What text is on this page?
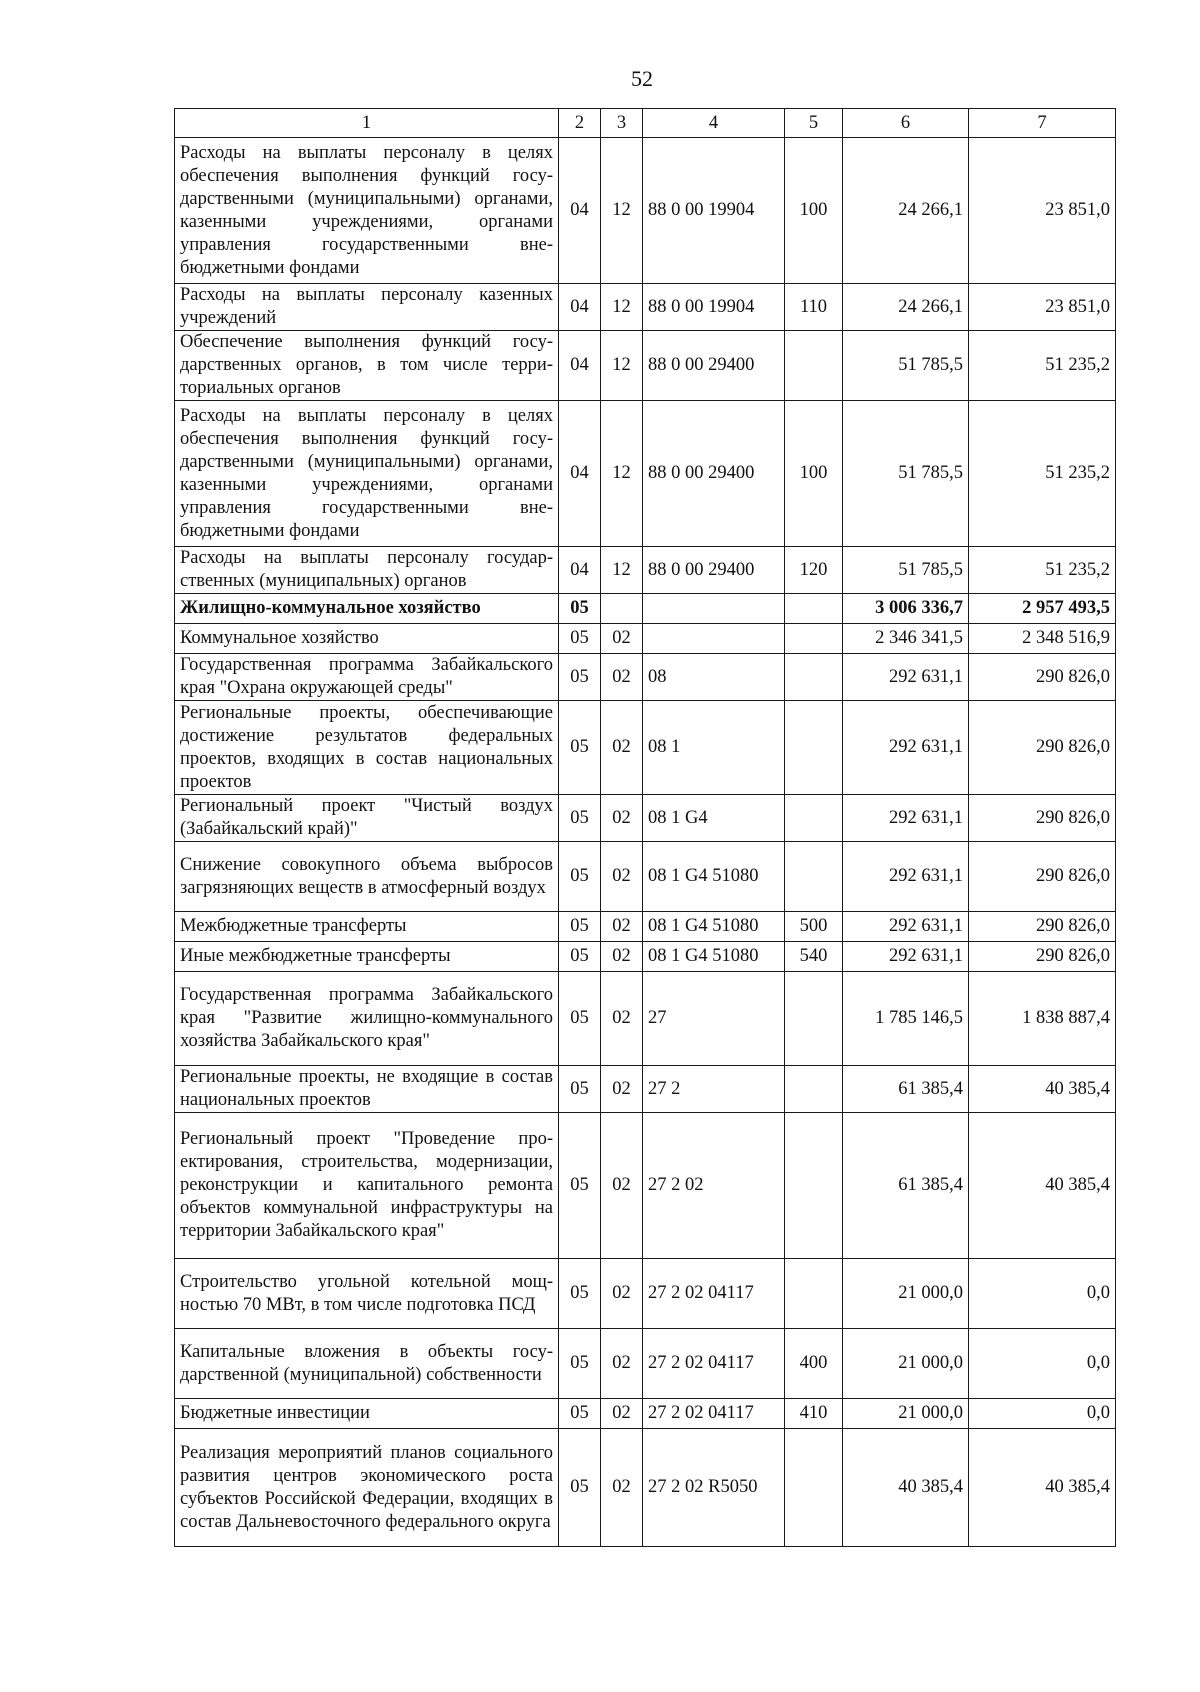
52
1	2	3	4	5	6	7
Расходы на выплаты персоналу в целях обеспечения выполнения функций государственными (муниципальными) органами, казенными учреждениями, органами управления государственными внебюджетными фондами	04	12	88 0 00 19904	100	24 266,1	23 851,0
Расходы на выплаты персоналу казенных учреждений	04	12	88 0 00 19904	110	24 266,1	23 851,0
Обеспечение выполнения функций государственных органов, в том числе территориальных органов	04	12	88 0 00 29400		51 785,5	51 235,2
Расходы на выплаты персоналу в целях обеспечения выполнения функций государственными (муниципальными) органами, казенными учреждениями, органами управления государственными внебюджетными фондами	04	12	88 0 00 29400	100	51 785,5	51 235,2
Расходы на выплаты персоналу государственных (муниципальных) органов	04	12	88 0 00 29400	120	51 785,5	51 235,2
Жилищно-коммунальное хозяйство	05				3 006 336,7	2 957 493,5
Коммунальное хозяйство	05	02			2 346 341,5	2 348 516,9
Государственная программа Забайкальского края "Охрана окружающей среды"	05	02	08		292 631,1	290 826,0
Региональные проекты, обеспечивающие достижение результатов федеральных проектов, входящих в состав национальных проектов	05	02	08 1		292 631,1	290 826,0
Региональный проект "Чистый воздух (Забайкальский край)"	05	02	08 1 G4		292 631,1	290 826,0
Снижение совокупного объема выбросов загрязняющих веществ в атмосферный воздух	05	02	08 1 G4 51080		292 631,1	290 826,0
Межбюджетные трансферты	05	02	08 1 G4 51080	500	292 631,1	290 826,0
Иные межбюджетные трансферты	05	02	08 1 G4 51080	540	292 631,1	290 826,0
Государственная программа Забайкальского края "Развитие жилищно-коммунального хозяйства Забайкальского края"	05	02	27		1 785 146,5	1 838 887,4
Региональные проекты, не входящие в состав национальных проектов	05	02	27 2		61 385,4	40 385,4
Региональный проект "Проведение проектирования, строительства, модернизации, реконструкции и капитального ремонта объектов коммунальной инфраструктуры на территории Забайкальского края"	05	02	27 2 02		61 385,4	40 385,4
Строительство угольной котельной мощностью 70 МВт, в том числе подготовка ПСД	05	02	27 2 02 04117		21 000,0	0,0
Капитальные вложения в объекты государственной (муниципальной) собственности	05	02	27 2 02 04117	400	21 000,0	0,0
Бюджетные инвестиции	05	02	27 2 02 04117	410	21 000,0	0,0
Реализация мероприятий планов социального развития центров экономического роста субъектов Российской Федерации, входящих в состав Дальневосточного федерального округа	05	02	27 2 02 R5050		40 385,4	40 385,4
